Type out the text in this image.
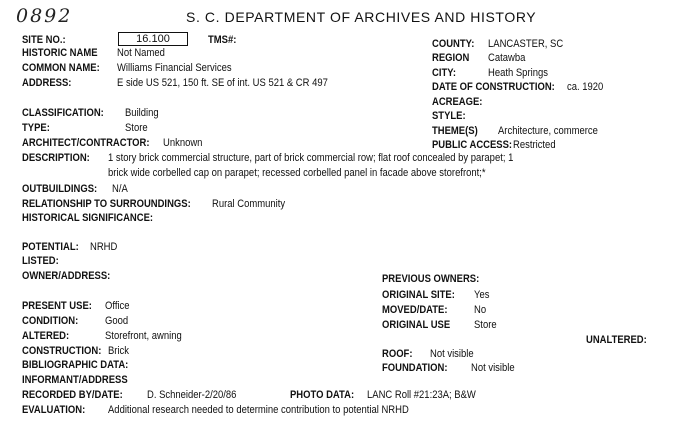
0892	S. C. DEPARTMENT OF ARCHIVES AND HISTORY
SITE NO.:	16.100	TMS#:
HISTORIC NAME Not Named
COMMON NAME: Williams Financial Services
ADDRESS:	E side US 521, 150 ft. SE of int. US 521 & CR 497
COUNTY: LANCASTER, SC
REGION Catawba
CITY:	Heath Springs
DATE OF CONSTRUCTION: ca. 1920
ACREAGE:
STYLE:
THEME(S) Architecture, commerce
PUBLIC ACCESS: Restricted
CLASSIFICATION: Building
TYPE:	Store
ARCHITECT/CONTRACTOR: Unknown
DESCRIPTION: 1 story brick commercial structure, part of brick commercial row; flat roof concealed by parapet; 1
brick wide corbelled cap on parapet; recessed corbelled panel in facade above storefront;*
OUTBUILDINGS: N/A
RELATIONSHIP TO SURROUNDINGS: Rural Community
HISTORICAL SIGNIFICANCE:
POTENTIAL: NRHD
LISTED:
OWNER/ADDRESS:	PREVIOUS OWNERS:
ORIGINAL SITE: Yes
MOVED/DATE: No
ORIGINAL USE Store
PRESENT USE: Office
CONDITION: Good
ALTERED:	Storefront, awning	UNALTERED:
CONSTRUCTION: Brick	ROOF: Not visible
BIBLIOGRAPHIC DATA:	FOUNDATION: Not visible
INFORMANT/ADDRESS
RECORDED BY/DATE: D. Schneider-2/20/86	PHOTO DATA: LANC Roll #21:23A; B&W
EVALUATION: Additional research needed to determine contribution to potential NRHD
